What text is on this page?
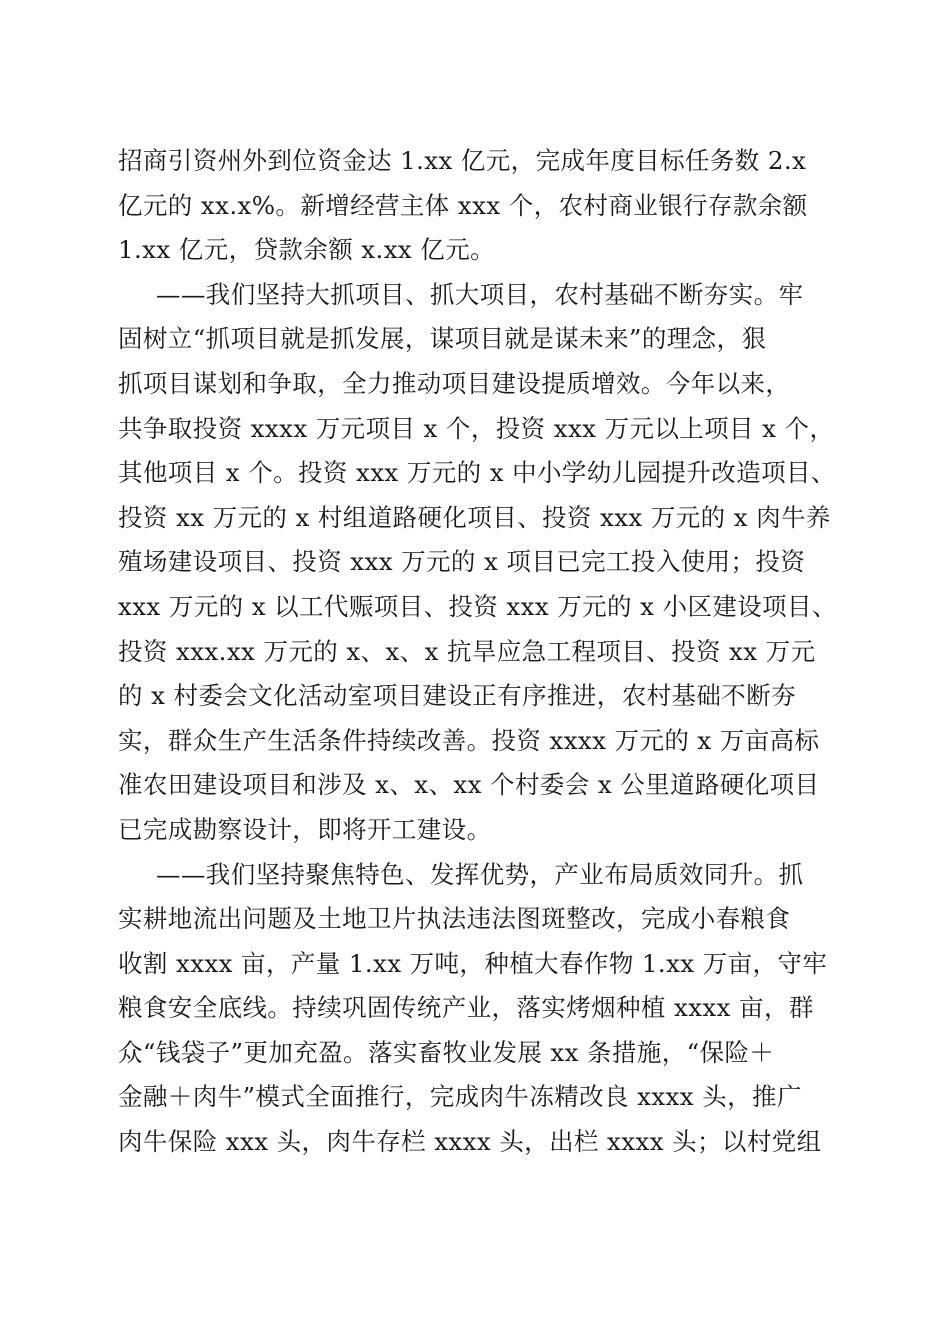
招商引资州外到位资金达 1.xx 亿元，完成年度目标任务数 2.x
亿元的 xx.x%。新增经营主体 xxx 个，农村商业银行存款余额
1.xx 亿元，贷款余额 x.xx 亿元。
——我们坚持大抓项目、抓大项目，农村基础不断夯实。牢
固树立“抓项目就是抓发展，谋项目就是谋未来”的理念，狠
抓项目谋划和争取，全力推动项目建设提质增效。今年以来，
共争取投资 xxxx 万元项目 x 个，投资 xxx 万元以上项目 x 个，
其他项目 x 个。投资 xxx 万元的 x 中小学幼儿园提升改造项目、
投资 xx 万元的 x 村组道路硬化项目、投资 xxx 万元的 x 肉牛养
殖场建设项目、投资 xxx 万元的 x 项目已完工投入使用；投资
xxx 万元的 x 以工代赈项目、投资 xxx 万元的 x 小区建设项目、
投资 xxx.xx 万元的 x、x、x 抗旱应急工程项目、投资 xx 万元
的 x 村委会文化活动室项目建设正有序推进，农村基础不断夯
实，群众生产生活条件持续改善。投资 xxxx 万元的 x 万亩高标
准农田建设项目和涉及 x、x、xx 个村委会 x 公里道路硬化项目
已完成勘察设计，即将开工建设。
——我们坚持聚焦特色、发挥优势，产业布局质效同升。抓
实耕地流出问题及土地卫片执法违法图斑整改，完成小春粮食
收割 xxxx 亩，产量 1.xx 万吨，种植大春作物 1.xx 万亩，守牢
粮食安全底线。持续巩固传统产业，落实烤烟种植 xxxx 亩，群
众“钱袋子”更加充盈。落实畜牧业发展 xx 条措施，“保险＋
金融＋肉牛”模式全面推行，完成肉牛冻精改良 xxxx 头，推广
肉牛保险 xxx 头，肉牛存栏 xxxx 头，出栏 xxxx 头；以村党组
